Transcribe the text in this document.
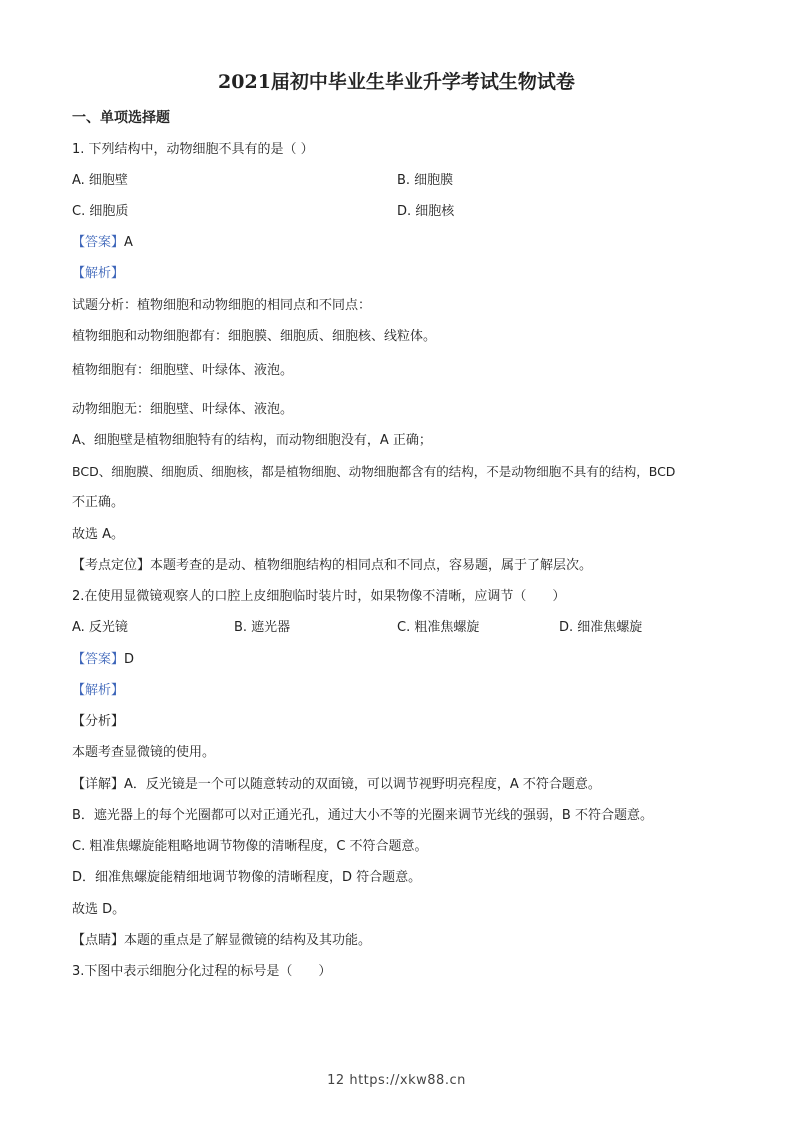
2021届初中毕业生毕业升学考试生物试卷
一、单项选择题
1. 下列结构中，动物细胞不具有的是（ ）
A. 细胞壁	B. 细胞膜
C. 细胞质	D. 细胞核
【答案】A
【解析】
试题分析：植物细胞和动物细胞的相同点和不同点：
植物细胞和动物细胞都有：细胞膜、细胞质、细胞核、线粒体。
植物细胞有：细胞壁、叶绿体、液泡。
动物细胞无：细胞壁、叶绿体、液泡。
A、细胞壁是植物细胞特有的结构，而动物细胞没有，A 正确；
BCD、细胞膜、细胞质、细胞核，都是植物细胞、动物细胞都含有的结构，不是动物细胞不具有的结构，BCD
不正确。
故选 A。
【考点定位】本题考查的是动、植物细胞结构的相同点和不同点，容易题，属于了解层次。
2.在使用显微镜观察人的口腔上皮细胞临时装片时，如果物像不清晰，应调节（　　）
A. 反光镜	B. 遮光器	C. 粗准焦螺旋	D. 细准焦螺旋
【答案】D
【解析】
【分析】
本题考查显微镜的使用。
【详解】A．反光镜是一个可以随意转动的双面镜，可以调节视野明亮程度，A 不符合题意。
B．遮光器上的每个光圈都可以对正通光孔，通过大小不等的光圈来调节光线的强弱，B 不符合题意。
C. 粗准焦螺旋能粗略地调节物像的清晰程度，C 不符合题意。
D．细准焦螺旋能精细地调节物像的清晰程度，D 符合题意。
故选 D。
【点睛】本题的重点是了解显微镜的结构及其功能。
3.下图中表示细胞分化过程的标号是（　　）
12 https://xkw88.cn
